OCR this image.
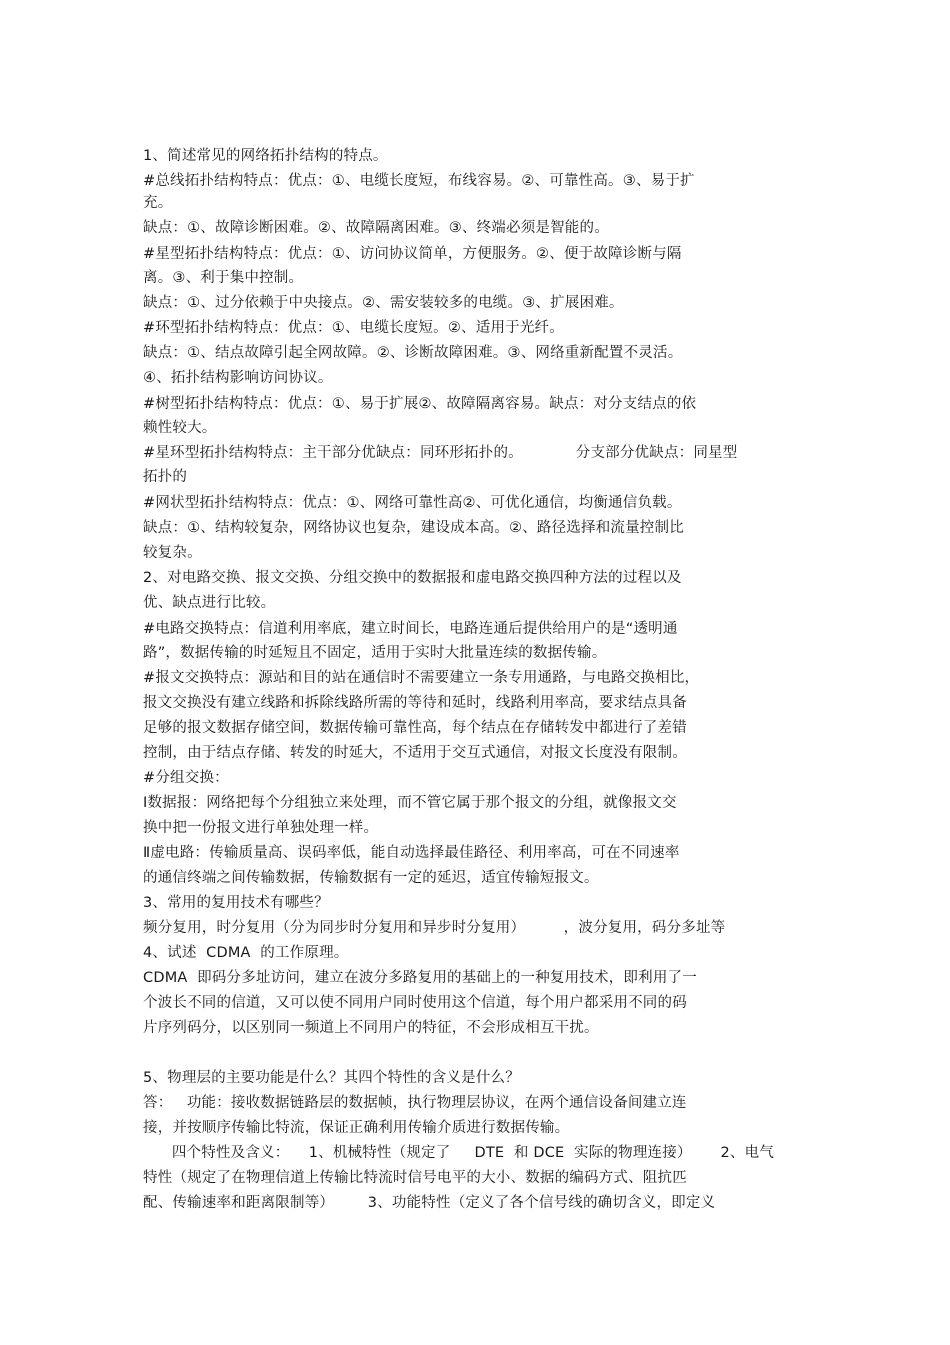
1、简述常见的网络拓扑结构的特点。
#总线拓扑结构特点：优点：①、电缆长度短，布线容易。②、可靠性高。③、易于扩
充。
缺点：①、故障诊断困难。②、故障隔离困难。③、终端必须是智能的。
#星型拓扑结构特点：优点：①、访问协议简单，方便服务。②、便于故障诊断与隔
离。③、利于集中控制。
缺点：①、过分依赖于中央接点。②、需安装较多的电缆。③、扩展困难。
#环型拓扑结构特点：优点：①、电缆长度短。②、适用于光纤。
缺点：①、结点故障引起全网故障。②、诊断故障困难。③、网络重新配置不灵活。
④、拓扑结构影响访问协议。
#树型拓扑结构特点：优点：①、易于扩展②、故障隔离容易。缺点：对分支结点的依
赖性较大。
#星环型拓扑结构特点：主干部分优缺点：同环形拓扑的。           分支部分优缺点：同星型
拓扑的
#网状型拓扑结构特点：优点：①、网络可靠性高②、可优化通信，均衡通信负载。
缺点：①、结构较复杂，网络协议也复杂，建设成本高。②、路径选择和流量控制比
较复杂。
2、对电路交换、报文交换、分组交换中的数据报和虚电路交换四种方法的过程以及
优、缺点进行比较。
#电路交换特点：信道利用率底，建立时间长，电路连通后提供给用户的是“透明通
路”，数据传输的时延短且不固定，适用于实时大批量连续的数据传输。
#报文交换特点：源站和目的站在通信时不需要建立一条专用通路，与电路交换相比，
报文交换没有建立线路和拆除线路所需的等待和延时，线路利用率高，要求结点具备
足够的报文数据存储空间，数据传输可靠性高，每个结点在存储转发中都进行了差错
控制，由于结点存储、转发的时延大，不适用于交互式通信，对报文长度没有限制。
#分组交换：
Ⅰ数据报：网络把每个分组独立来处理，而不管它属于那个报文的分组，就像报文交
换中把一份报文进行单独处理一样。
Ⅱ虚电路：传输质量高、误码率低，能自动选择最佳路径、利用率高，可在不同速率
的通信终端之间传输数据，传输数据有一定的延迟，适宜传输短报文。
3、常用的复用技术有哪些？
频分复用，时分复用（分为同步时分复用和异步时分复用）        ，波分复用，码分多址等
4、试述  CDMA  的工作原理。
CDMA  即码分多址访问，建立在波分多路复用的基础上的一种复用技术，即利用了一
个波长不同的信道，又可以使不同用户同时使用这个信道，每个用户都采用不同的码
片序列码分，以区别同一频道上不同用户的特征，不会形成相互干扰。
5、物理层的主要功能是什么？其四个特性的含义是什么？
答：   功能：接收数据链路层的数据帧，执行物理层协议，在两个通信设备间建立连
接，并按顺序传输比特流，保证正确利用传输介质进行数据传输。
四个特性及含义：    1、机械特性（规定了     DTE  和 DCE  实际的物理连接）      2、电气
特性（规定了在物理信道上传输比特流时信号电平的大小、数据的编码方式、阻抗匹
配、传输速率和距离限制等）       3、功能特性（定义了各个信号线的确切含义，即定义
